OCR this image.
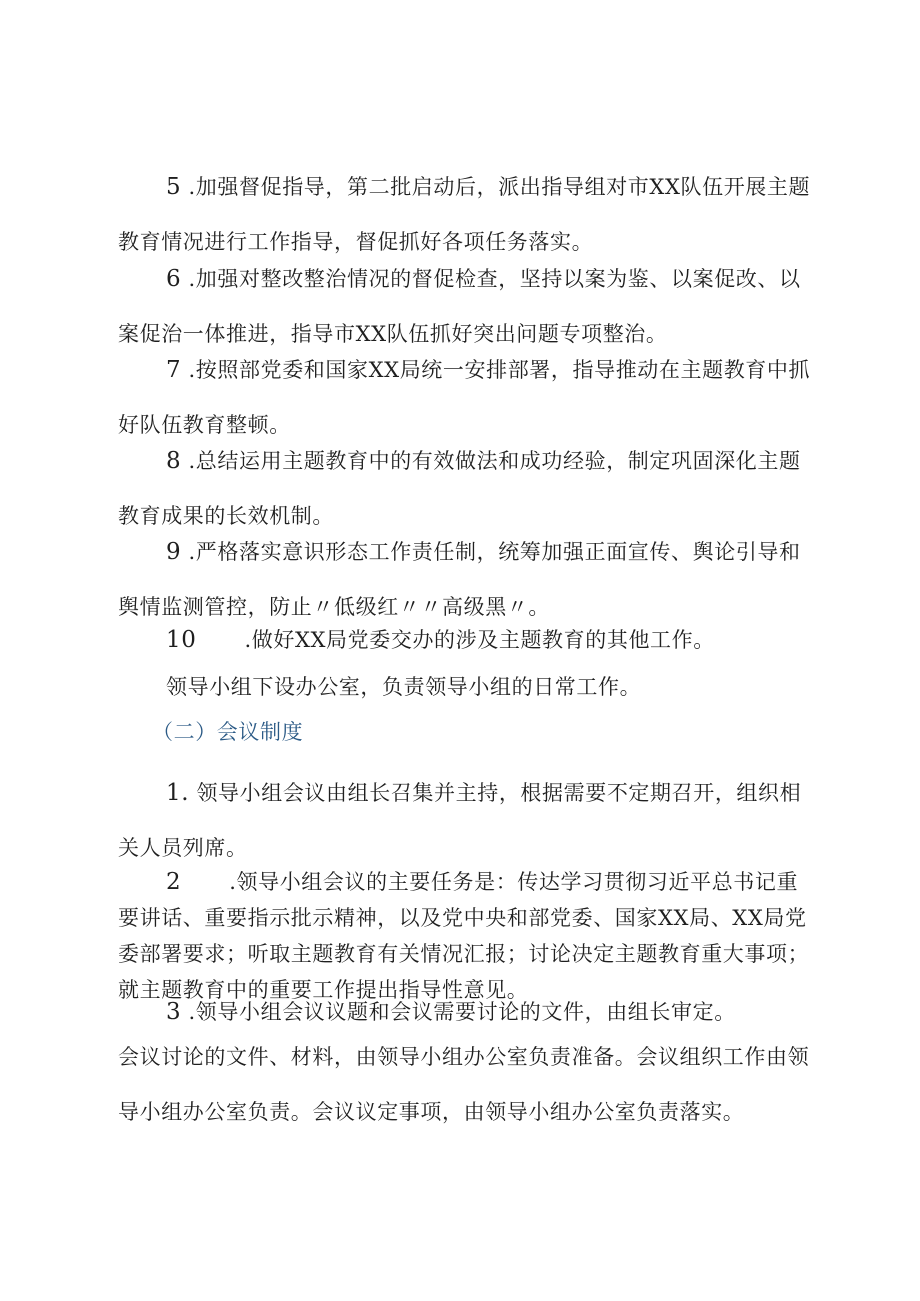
5 .加强督促指导，第二批启动后，派出指导组对市XX队伍开展主题教育情况进行工作指导，督促抓好各项任务落实。

6 .加强对整改整治情况的督促检查，坚持以案为鉴、以案促改、以案促治一体推进，指导市XX队伍抓好突出问题专项整治。

7 .按照部党委和国家XX局统一安排部署，指导推动在主题教育中抓好队伍教育整顿。

8 .总结运用主题教育中的有效做法和成功经验，制定巩固深化主题教育成果的长效机制。

9 .严格落实意识形态工作责任制，统筹加强正面宣传、舆论引导和舆情监测管控，防止〃低级红〃〃高级黑〃。

10 .做好XX局党委交办的涉及主题教育的其他工作。

领导小组下设办公室，负责领导小组的日常工作。

（二）会议制度

1. 领导小组会议由组长召集并主持，根据需要不定期召开，组织相关人员列席。

2 .领导小组会议的主要任务是：传达学习贯彻习近平总书记重要讲话、重要指示批示精神，以及党中央和部党委、国家XX局、XX局党委部署要求；听取主题教育有关情况汇报；讨论决定主题教育重大事项；就主题教育中的重要工作提出指导性意见。

3 .领导小组会议议题和会议需要讨论的文件，由组长审定。

会议讨论的文件、材料，由领导小组办公室负责准备。会议组织工作由领导小组办公室负责。会议议定事项，由领导小组办公室负责落实。
